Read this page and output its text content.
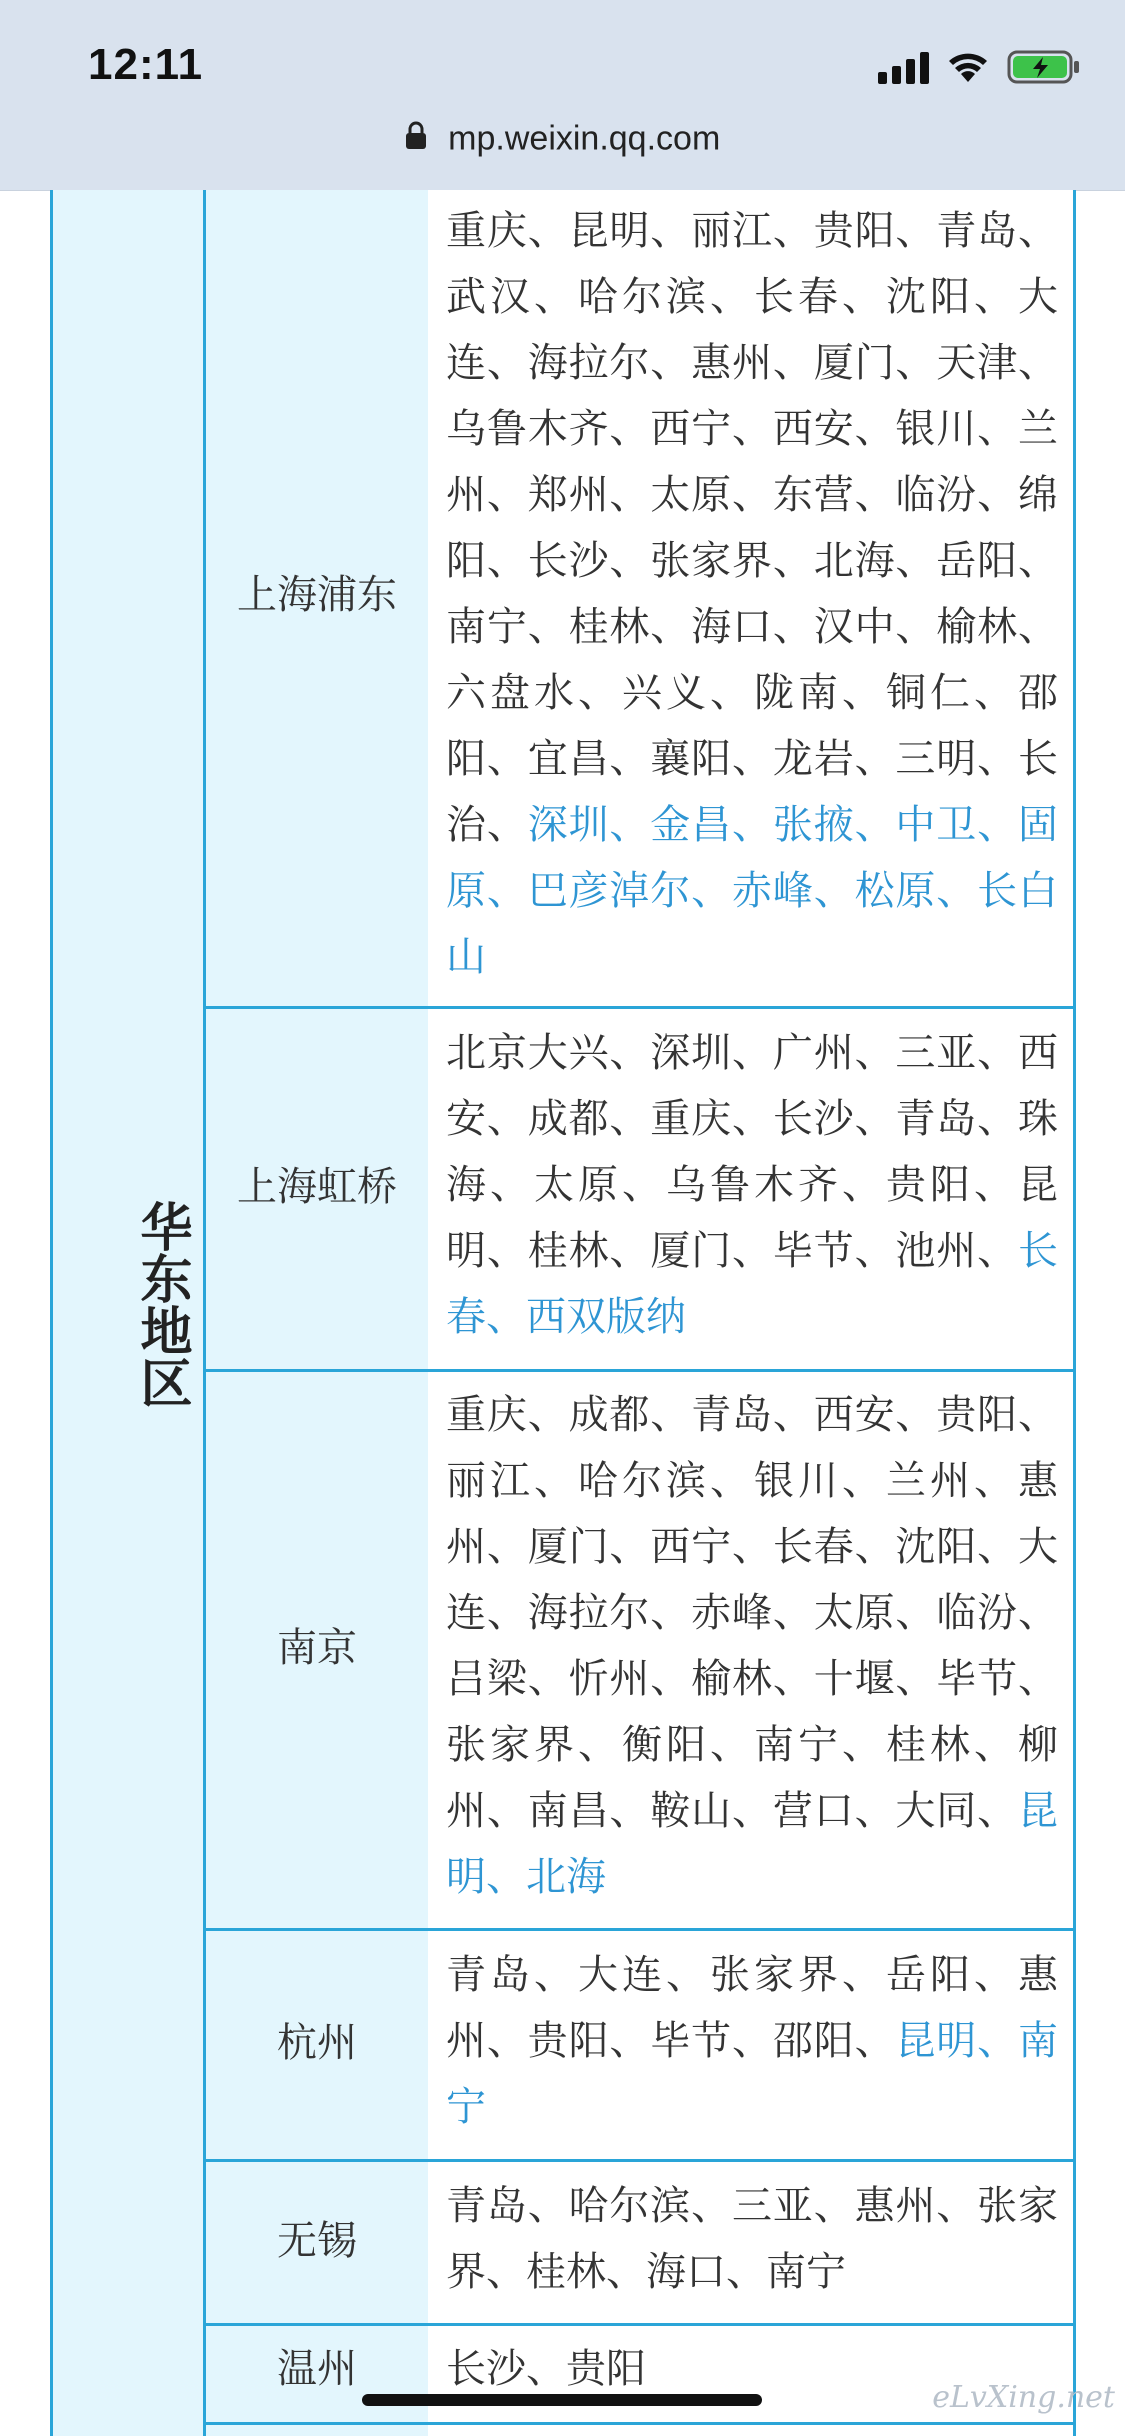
12:11
mp.weixin.qq.com
华东地区
上海浦东
重庆、昆明、丽江、贵阳、青岛、武汉、哈尔滨、长春、沈阳、大连、海拉尔、惠州、厦门、天津、乌鲁木齐、西宁、西安、银川、兰州、郑州、太原、东营、临汾、绵阳、长沙、张家界、北海、岳阳、南宁、桂林、海口、汉中、榆林、六盘水、兴义、陇南、铜仁、邵阳、宜昌、襄阳、龙岩、三明、长治、深圳、金昌、张掖、中卫、固原、巴彦淖尔、赤峰、松原、长白山
上海虹桥
北京大兴、深圳、广州、三亚、西安、成都、重庆、长沙、青岛、珠海、太原、乌鲁木齐、贵阳、昆明、桂林、厦门、毕节、池州、长春、西双版纳
南京
重庆、成都、青岛、西安、贵阳、丽江、哈尔滨、银川、兰州、惠州、厦门、西宁、长春、沈阳、大连、海拉尔、赤峰、太原、临汾、吕梁、忻州、榆林、十堰、毕节、张家界、衡阳、南宁、桂林、柳州、南昌、鞍山、营口、大同、昆明、北海
杭州
青岛、大连、张家界、岳阳、惠州、贵阳、毕节、邵阳、昆明、南宁
无锡
青岛、哈尔滨、三亚、惠州、张家界、桂林、海口、南宁
温州	长沙、贵阳
eLvXing.net
